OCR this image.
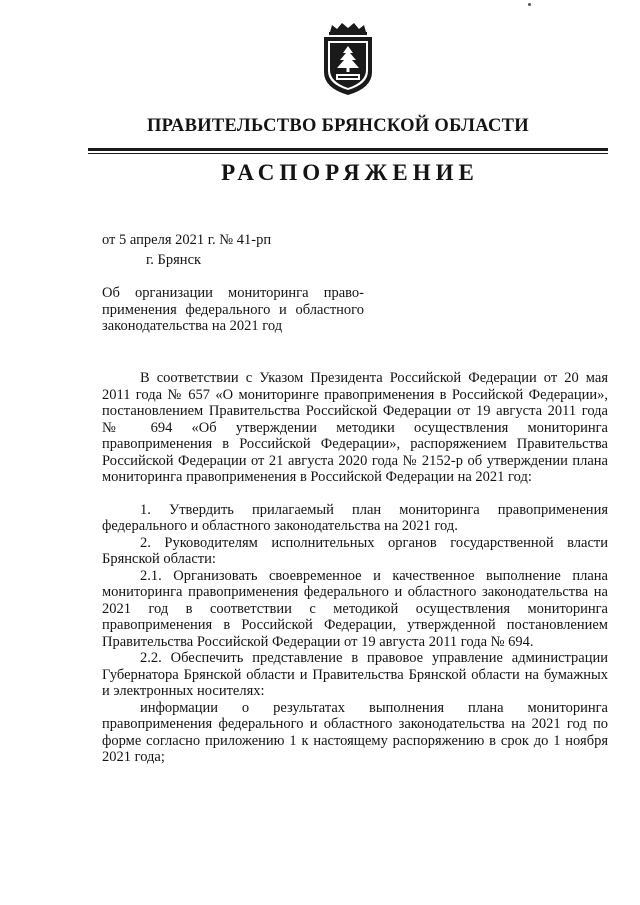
ПРАВИТЕЛЬСТВО БРЯНСКОЙ ОБЛАСТИ
РАСПОРЯЖЕНИЕ
от 5 апреля 2021 г. № 41-рп
г. Брянск
Об организации мониторинга право-применения федерального и областного законодательства на 2021 год

В соответствии с Указом Президента Российской Федерации от 20 мая 2011 года № 657 «О мониторинге правоприменения в Российской Федерации», постановлением Правительства Российской Федерации от 19 августа 2011 года № 694 «Об утверждении методики осуществления мониторинга правоприменения в Российской Федерации», распоряжением Правительства Российской Федерации от 21 августа 2020 года № 2152-р об утверждении плана мониторинга правоприменения в Российской Федерации на 2021 год:

1. Утвердить прилагаемый план мониторинга правоприменения федерального и областного законодательства на 2021 год.

2. Руководителям исполнительных органов государственной власти Брянской области:

2.1. Организовать своевременное и качественное выполнение плана мониторинга правоприменения федерального и областного законодательства на 2021 год в соответствии с методикой осуществления мониторинга правоприменения в Российской Федерации, утвержденной постановлением Правительства Российской Федерации от 19 августа 2011 года № 694.

2.2. Обеспечить представление в правовое управление администрации Губернатора Брянской области и Правительства Брянской области на бумажных и электронных носителях:

информации о результатах выполнения плана мониторинга правоприменения федерального и областного законодательства на 2021 год по форме согласно приложению 1 к настоящему распоряжению в срок до 1 ноября 2021 года;
